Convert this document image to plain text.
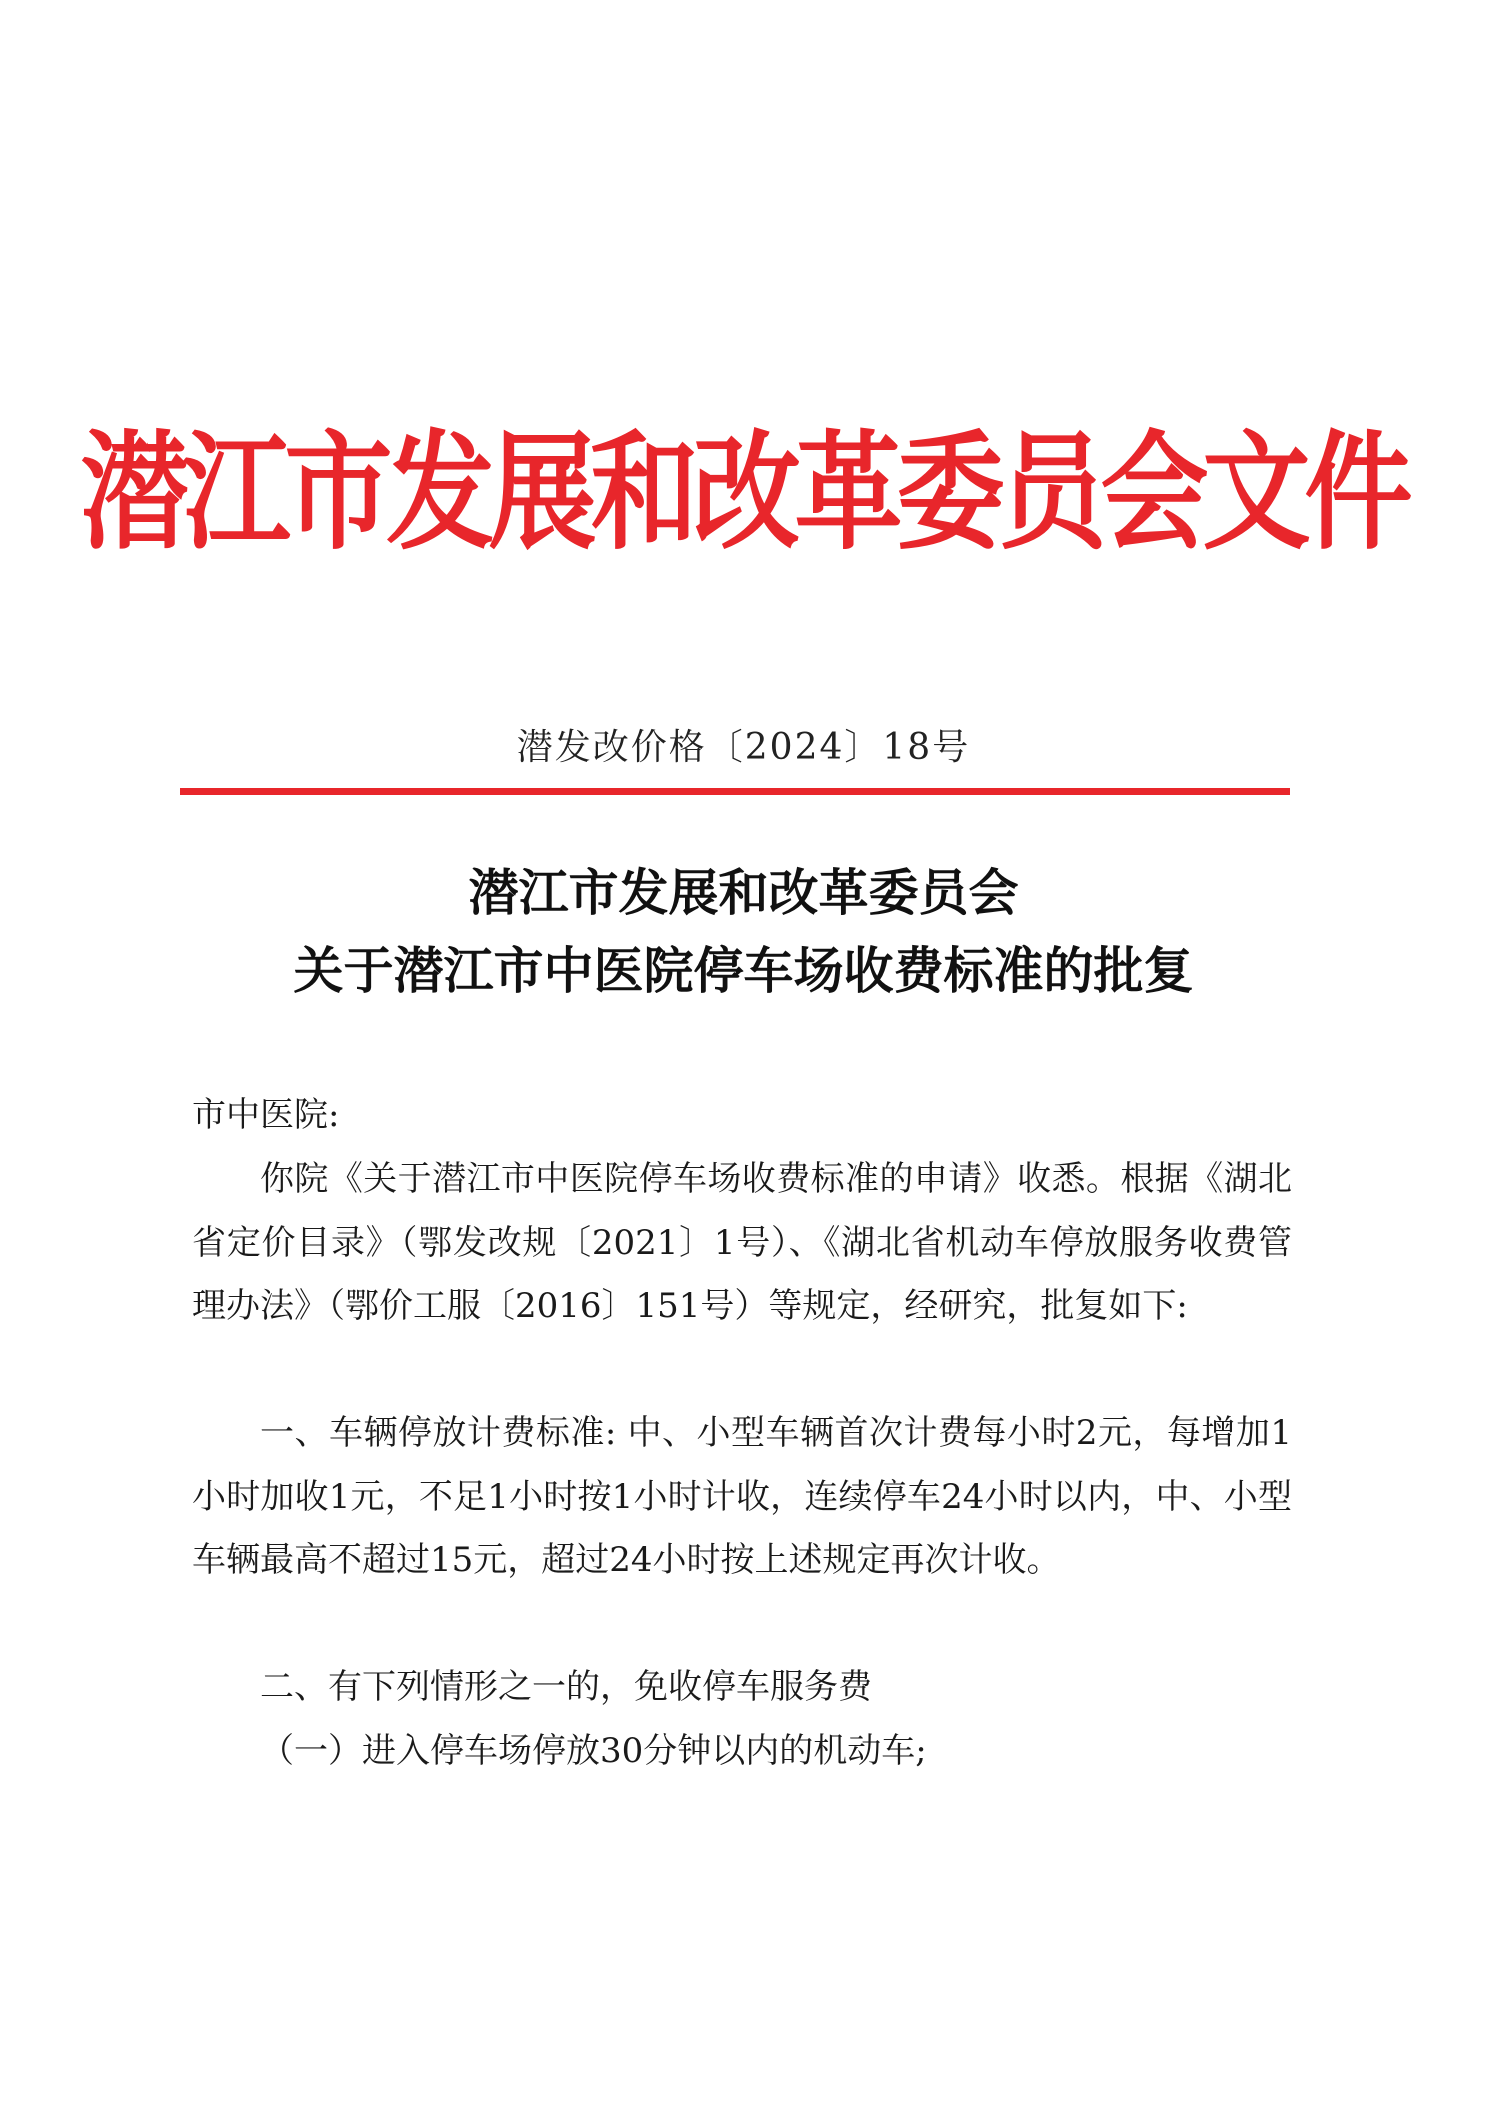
潜江市发展和改革委员会文件
潜发改价格〔2024〕18号
潜江市发展和改革委员会
关于潜江市中医院停车场收费标准的批复
市中医院:
你院《关于潜江市中医院停车场收费标准的申请》收悉。根据《湖北省定价目录》（鄂发改规〔2021〕1号）、《湖北省机动车停放服务收费管理办法》（鄂价工服〔2016〕151号）等规定，经研究，批复如下:
一、车辆停放计费标准: 中、小型车辆首次计费每小时2元，每增加1小时加收1元，不足1小时按1小时计收，连续停车24小时以内，中、小型车辆最高不超过15元，超过24小时按上述规定再次计收。
二、有下列情形之一的，免收停车服务费
（一）进入停车场停放30分钟以内的机动车;
